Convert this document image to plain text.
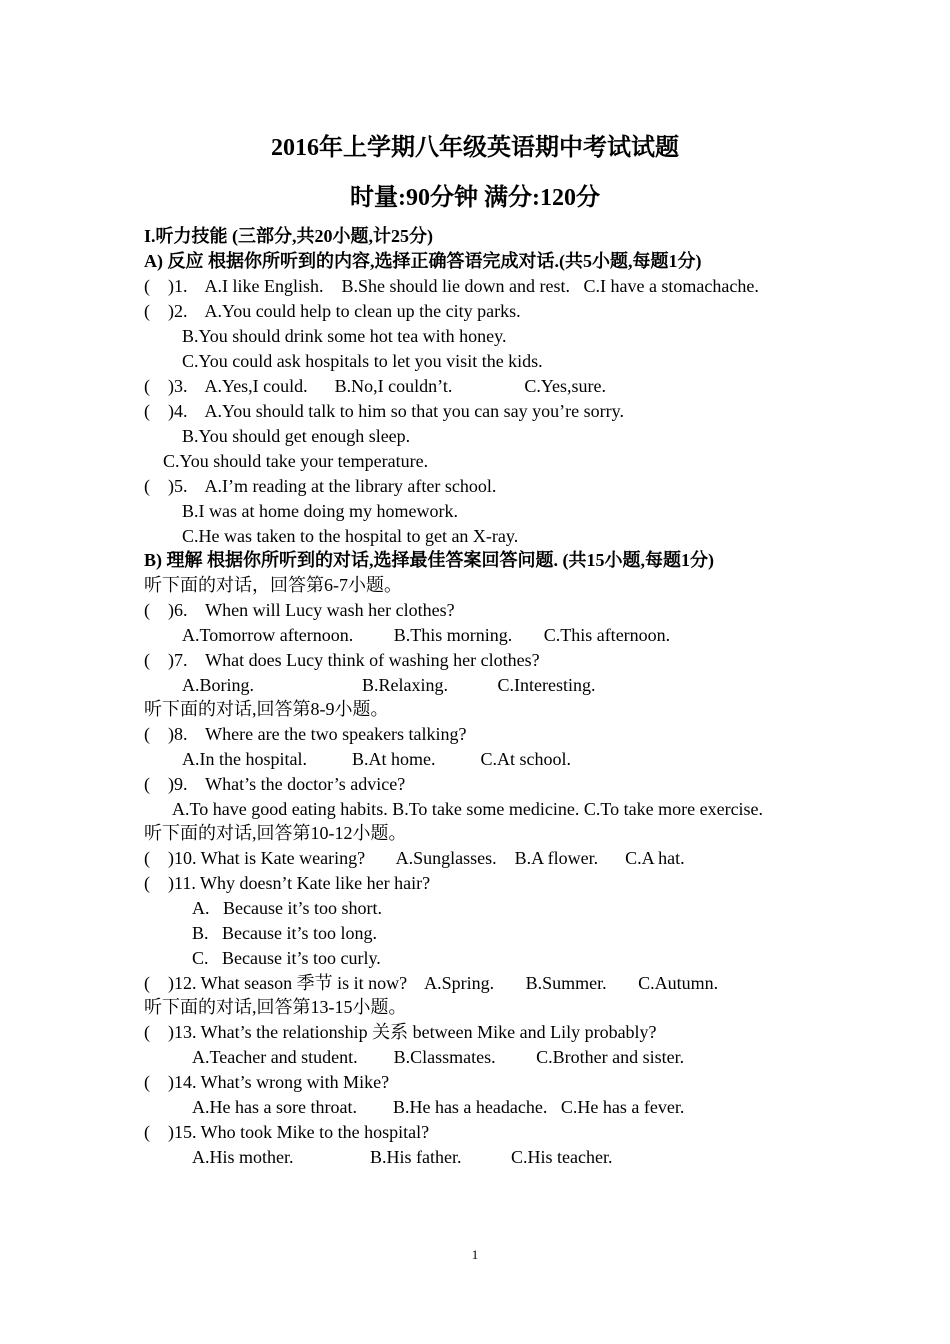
2016年上学期八年级英语期中考试试题
时量:90分钟 满分:120分
I.听力技能 (三部分,共20小题,计25分)
A) 反应 根据你所听到的内容,选择正确答语完成对话.(共5小题,每题1分)
(    )1.    A.I like English.    B.She should lie down and rest.   C.I have a stomachache.
(    )2.    A.You could help to clean up the city parks.
B.You should drink some hot tea with honey.
C.You could ask hospitals to let you visit the kids.
(    )3.    A.Yes,I could.      B.No,I couldn’t.                C.Yes,sure.
(    )4.    A.You should talk to him so that you can say you’re sorry.
B.You should get enough sleep.
C.You should take your temperature.
(    )5.    A.I’m reading at the library after school.
B.I was at home doing my homework.
C.He was taken to the hospital to get an X-ray.
B) 理解 根据你所听到的对话,选择最佳答案回答问题. (共15小题,每题1分)
听下面的对话，回答第6-7小题。
(    )6.    When will Lucy wash her clothes?
A.Tomorrow afternoon.         B.This morning.       C.This afternoon.
(    )7.    What does Lucy think of washing her clothes?
A.Boring.                        B.Relaxing.           C.Interesting.
听下面的对话,回答第8-9小题。
(    )8.    Where are the two speakers talking?
A.In the hospital.          B.At home.          C.At school.
(    )9.    What’s the doctor’s advice?
A.To have good eating habits. B.To take some medicine. C.To take more exercise.
听下面的对话,回答第10-12小题。
(    )10. What is Kate wearing?       A.Sunglasses.    B.A flower.      C.A hat.
(    )11. Why doesn’t Kate like her hair?
A.   Because it’s too short.
B.   Because it’s too long.
C.   Because it’s too curly.
(    )12. What season 季节 is it now?    A.Spring.       B.Summer.       C.Autumn.
听下面的对话,回答第13-15小题。
(    )13. What’s the relationship 关系 between Mike and Lily probably?
A.Teacher and student.        B.Classmates.         C.Brother and sister.
(    )14. What’s wrong with Mike?
A.He has a sore throat.        B.He has a headache.   C.He has a fever.
(    )15. Who took Mike to the hospital?
A.His mother.                 B.His father.           C.His teacher.
1
